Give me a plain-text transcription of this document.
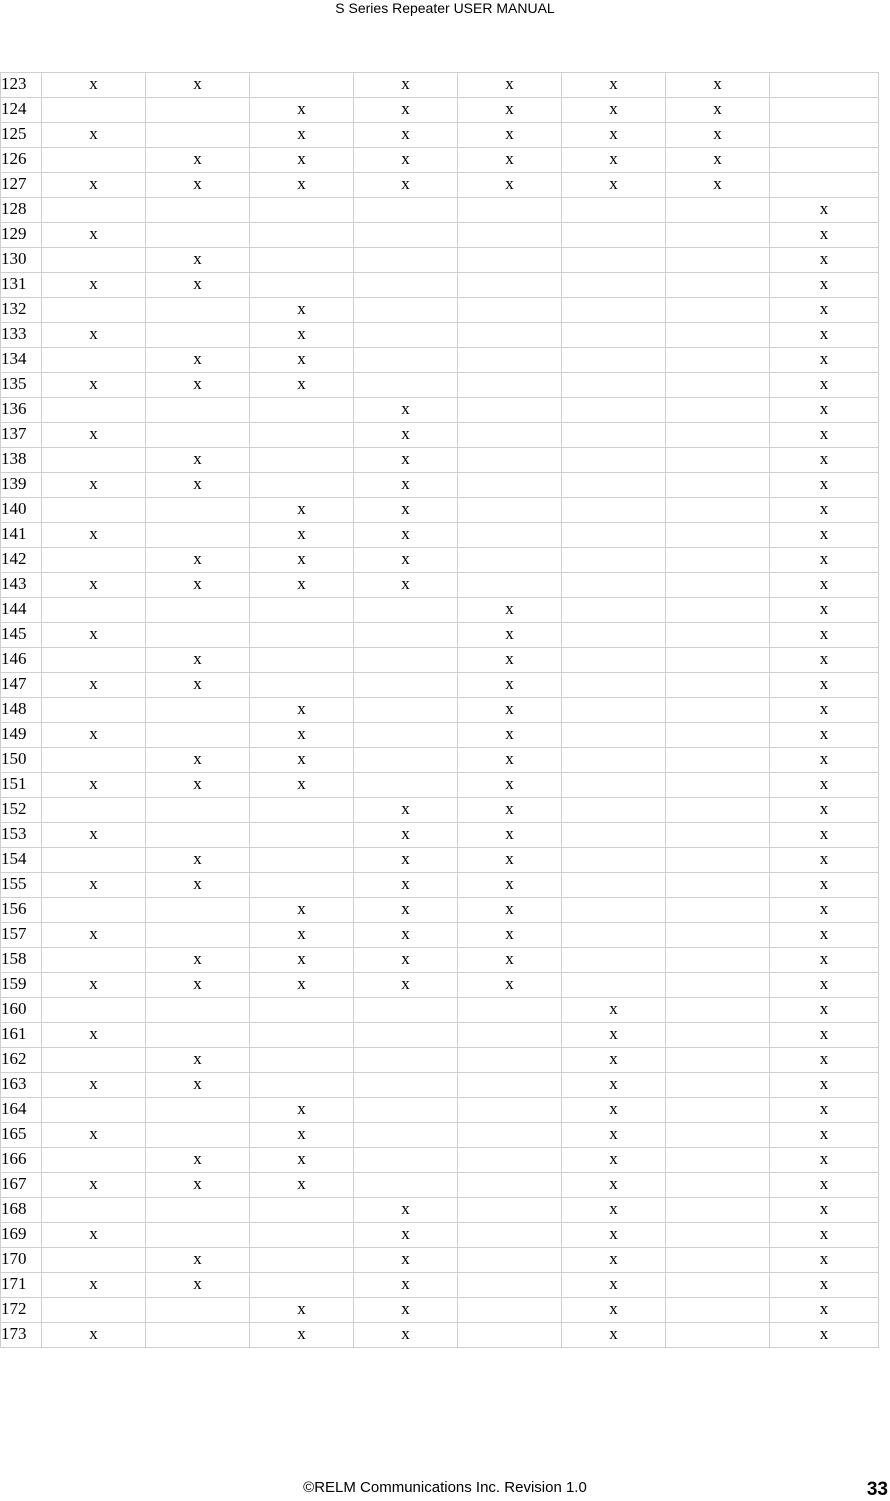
S Series Repeater USER MANUAL
123	x	x		x	x	x	x	
124			x	x	x	x	x	
125	x		x	x	x	x	x	
126		x	x	x	x	x	x	
127	x	x	x	x	x	x	x	
128								x
129	x							x
130		x						x
131	x	x						x
132			x					x
133	x		x					x
134		x	x					x
135	x	x	x					x
136				x				x
137	x			x				x
138		x		x				x
139	x	x		x				x
140			x	x				x
141	x		x	x				x
142		x	x	x				x
143	x	x	x	x				x
144					x			x
145	x				x			x
146		x			x			x
147	x	x			x			x
148			x		x			x
149	x		x		x			x
150		x	x		x			x
151	x	x	x		x			x
152				x	x			x
153	x			x	x			x
154		x		x	x			x
155	x	x		x	x			x
156			x	x	x			x
157	x		x	x	x			x
158		x	x	x	x			x
159	x	x	x	x	x			x
160						x		x
161	x					x		x
162		x				x		x
163	x	x				x		x
164			x			x		x
165	x		x			x		x
166		x	x			x		x
167	x	x	x			x		x
168				x		x		x
169	x			x		x		x
170		x		x		x		x
171	x	x		x		x		x
172			x	x		x		x
173	x		x	x		x		x
©RELM Communications Inc. Revision 1.0	33
